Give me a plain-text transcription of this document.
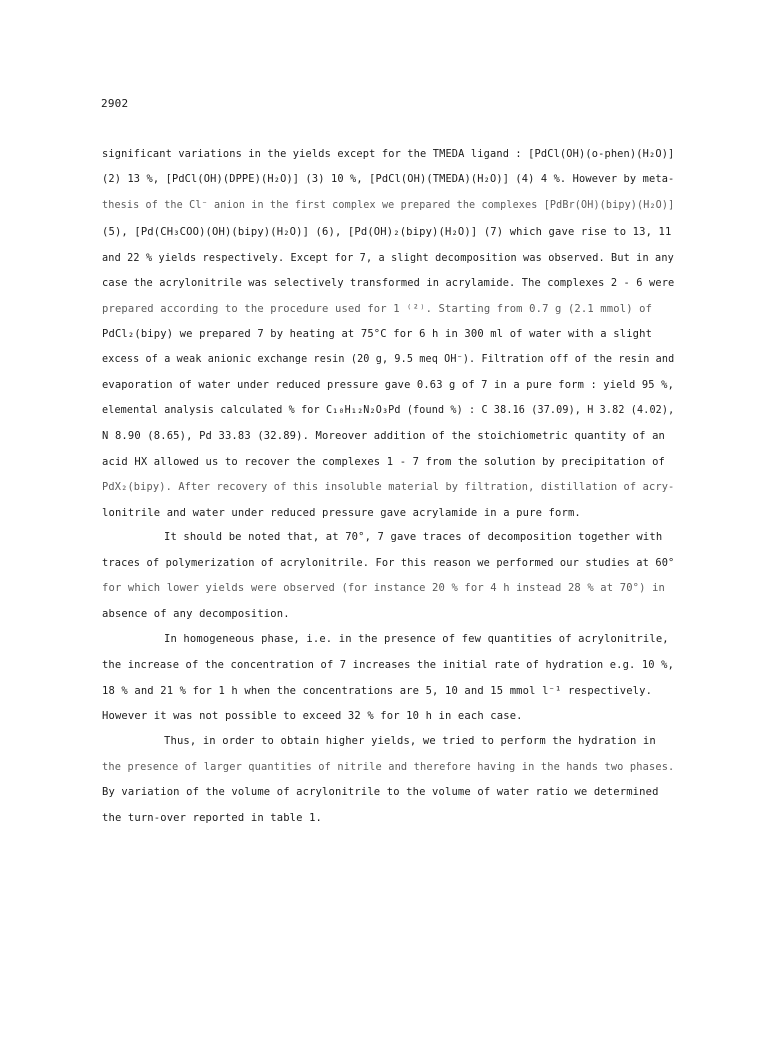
2902
significant variations in the yields except for the TMEDA ligand : [PdCl(OH)(o-phen)(H₂O)]
(2) 13 %, [PdCl(OH)(DPPE)(H₂O)] (3) 10 %, [PdCl(OH)(TMEDA)(H₂O)] (4) 4 %. However by meta-
thesis of the Cl⁻ anion in the first complex we prepared the complexes [PdBr(OH)(bipy)(H₂O)]
(5), [Pd(CH₃COO)(OH)(bipy)(H₂O)] (6), [Pd(OH)₂(bipy)(H₂O)] (7) which gave rise to 13, 11
and 22 % yields respectively. Except for 7, a slight decomposition was observed. But in any
case the acrylonitrile was selectively transformed in acrylamide. The complexes 2 - 6 were
prepared according to the procedure used for 1 ⁽²⁾. Starting from 0.7 g (2.1 mmol) of
PdCl₂(bipy) we prepared 7 by heating at 75°C for 6 h in 300 ml of water with a slight
excess of a weak anionic exchange resin (20 g, 9.5 meq OH⁻). Filtration off of the resin and
evaporation of water under reduced pressure gave 0.63 g of 7 in a pure form : yield 95 %,
elemental analysis calculated % for C₁₀H₁₂N₂O₃Pd (found %) : C 38.16 (37.09), H 3.82 (4.02),
N 8.90 (8.65), Pd 33.83 (32.89). Moreover addition of the stoichiometric quantity of an
acid HX allowed us to recover the complexes 1 - 7 from the solution by precipitation of
PdX₂(bipy). After recovery of this insoluble material by filtration, distillation of acry-
lonitrile and water under reduced pressure gave acrylamide in a pure form.
It should be noted that, at 70°, 7 gave traces of decomposition together with
traces of polymerization of acrylonitrile. For this reason we performed our studies at 60°
for which lower yields were observed (for instance 20 % for 4 h instead 28 % at 70°) in
absence of any decomposition.
In homogeneous phase, i.e. in the presence of few quantities of acrylonitrile,
the increase of the concentration of 7 increases the initial rate of hydration e.g. 10 %,
18 % and 21 % for 1 h when the concentrations are 5, 10 and 15 mmol l⁻¹ respectively.
However it was not possible to exceed 32 % for 10 h in each case.
Thus, in order to obtain higher yields, we tried to perform the hydration in
the presence of larger quantities of nitrile and therefore having in the hands two phases.
By variation of the volume of acrylonitrile to the volume of water ratio we determined
the turn-over reported in table 1.
